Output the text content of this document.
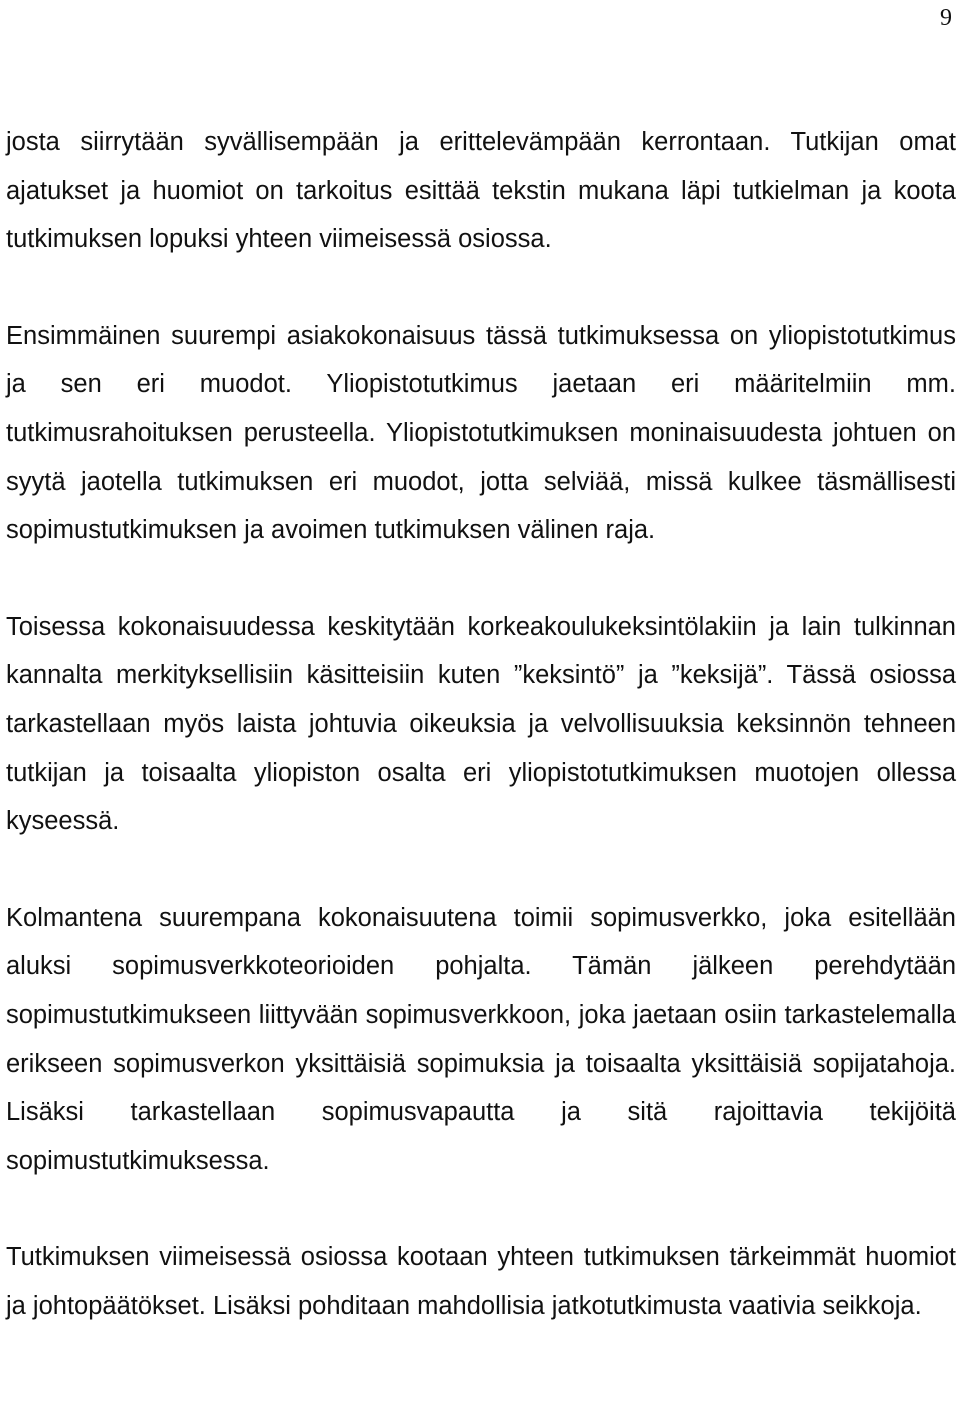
9

josta siirrytään syvällisempään ja erittelevämpään kerrontaan. Tutkijan omat ajatukset ja huomiot on tarkoitus esittää tekstin mukana läpi tutkielman ja koota tutkimuksen lopuksi yhteen viimeisessä osiossa.

Ensimmäinen suurempi asiakokonaisuus tässä tutkimuksessa on yliopistotutkimus ja sen eri muodot. Yliopistotutkimus jaetaan eri määritelmiin mm. tutkimusrahoituksen perusteella. Yliopistotutkimuksen moninaisuudesta johtuen on syytä jaotella tutkimuksen eri muodot, jotta selviää, missä kulkee täsmällisesti sopimustutkimuksen ja avoimen tutkimuksen välinen raja.

Toisessa kokonaisuudessa keskitytään korkeakoulukeksintölakiin ja lain tulkinnan kannalta merkityksellisiin käsitteisiin kuten ”keksintö” ja ”keksijä”. Tässä osiossa tarkastellaan myös laista johtuvia oikeuksia ja velvollisuuksia keksinnön tehneen tutkijan ja toisaalta yliopiston osalta eri yliopistotutkimuksen muotojen ollessa kyseessä.

Kolmantena suurempana kokonaisuutena toimii sopimusverkko, joka esitellään aluksi sopimusverkkoteorioiden pohjalta. Tämän jälkeen perehdytään sopimustutkimukseen liittyvään sopimusverkkoon, joka jaetaan osiin tarkastelemalla erikseen sopimusverkon yksittäisiä sopimuksia ja toisaalta yksittäisiä sopijatahoja. Lisäksi tarkastellaan sopimusvapautta ja sitä rajoittavia tekijöitä sopimustutkimuksessa.

Tutkimuksen viimeisessä osiossa kootaan yhteen tutkimuksen tärkeimmät huomiot ja johtopäätökset. Lisäksi pohditaan mahdollisia jatkotutkimusta vaativia seikkoja.
